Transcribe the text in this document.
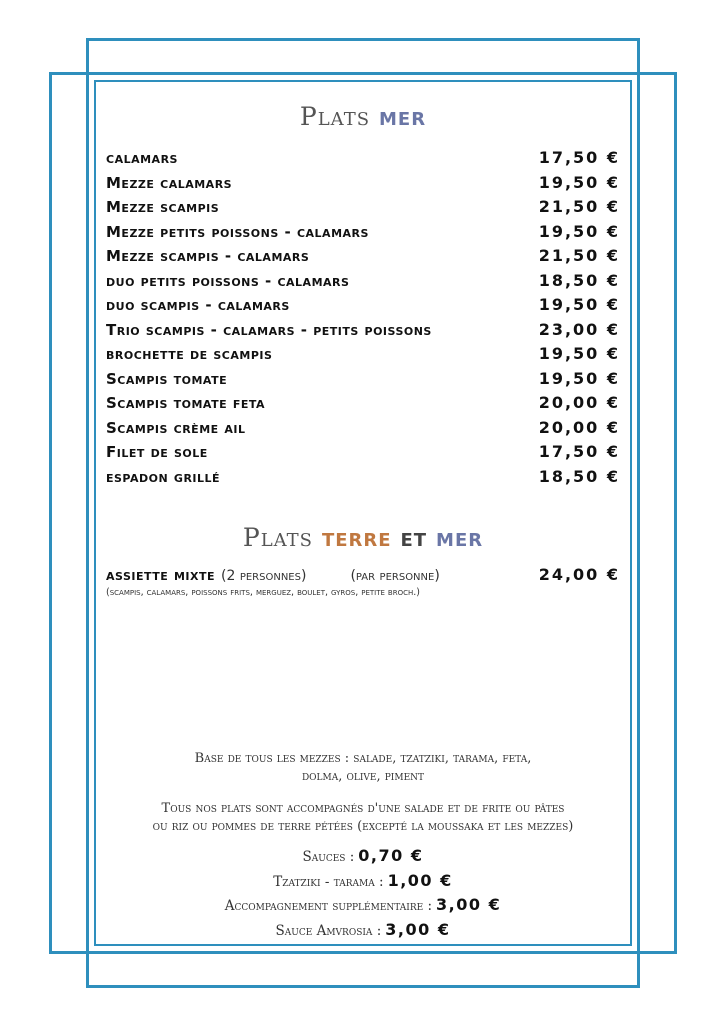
Plats mer
calamars	17,50 €
Mezze calamars	19,50 €
Mezze scampis	21,50 €
Mezze petits poissons - calamars	19,50 €
Mezze scampis - calamars	21,50 €
duo petits poissons - calamars	18,50 €
duo scampis - calamars	19,50 €
Trio scampis - calamars - petits poissons	23,00 €
brochette de scampis	19,50 €
Scampis tomate	19,50 €
Scampis tomate feta	20,00 €
Scampis crème ail	20,00 €
Filet de sole	17,50 €
espadon grillé	18,50 €
Plats terre et mer
assiette mixte (2 personnes)	(par personne)	24,00 €
(scampis, calamars, poissons frits, merguez, boulet, gyros, petite broch.)
Base de tous les mezzes : salade, tzatziki, tarama, feta,
dolma, olive, piment
Tous nos plats sont accompagnés d'une salade et de frite ou pâtes
ou riz ou pommes de terre pétées (excepté la moussaka et les mezzes)
Sauces : 0,70 €
Tzatziki - tarama : 1,00 €
Accompagnement supplémentaire : 3,00 €
Sauce Amvrosia : 3,00 €
